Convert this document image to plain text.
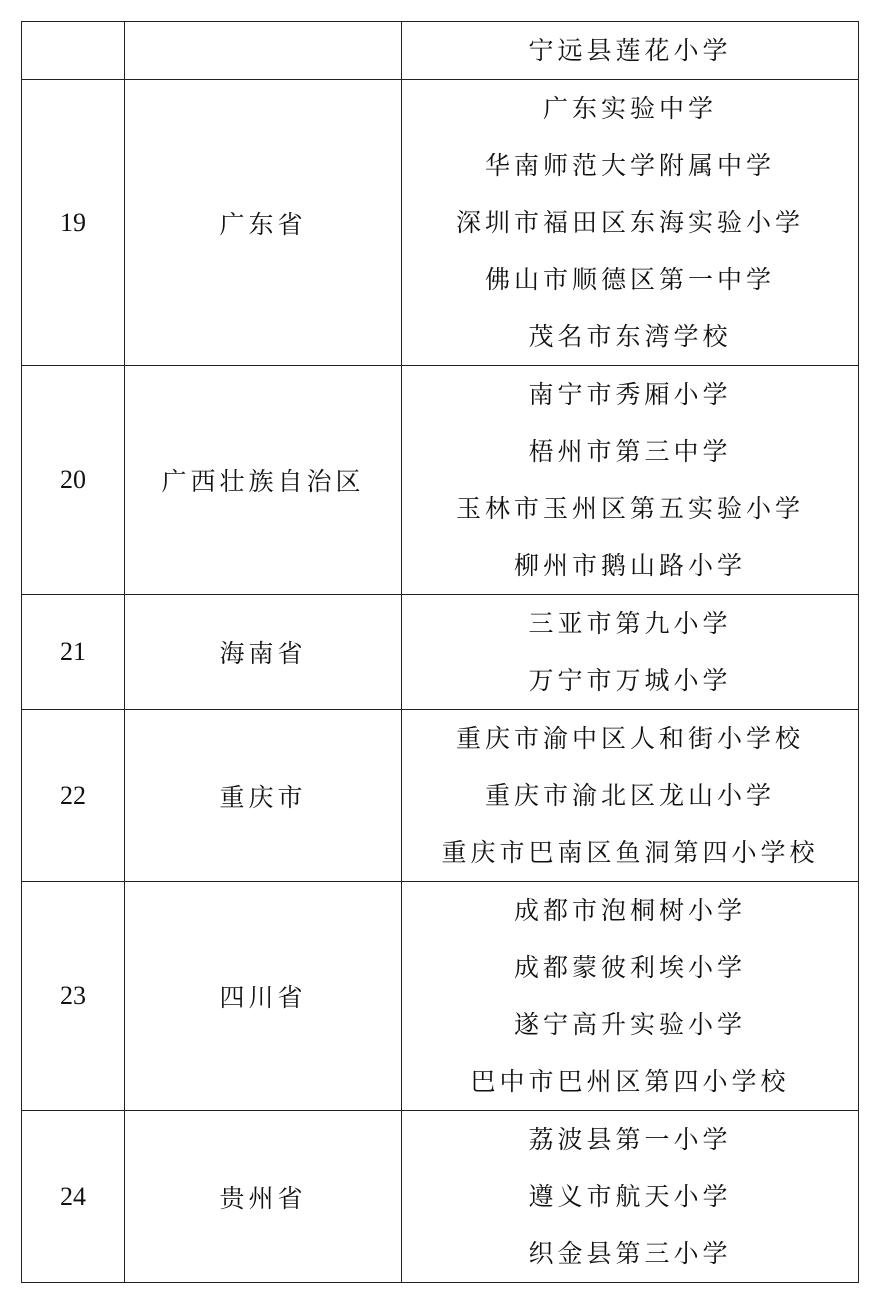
		宁远县莲花小学

19	广东省	广东实验中学
华南师范大学附属中学
深圳市福田区东海实验小学
佛山市顺德区第一中学
茂名市东湾学校

20	广西壮族自治区	南宁市秀厢小学
梧州市第三中学
玉林市玉州区第五实验小学
柳州市鹅山路小学

21	海南省	三亚市第九小学
万宁市万城小学

22	重庆市	重庆市渝中区人和街小学校
重庆市渝北区龙山小学
重庆市巴南区鱼洞第四小学校

23	四川省	成都市泡桐树小学
成都蒙彼利埃小学
遂宁高升实验小学
巴中市巴州区第四小学校

24	贵州省	荔波县第一小学
遵义市航天小学
织金县第三小学
